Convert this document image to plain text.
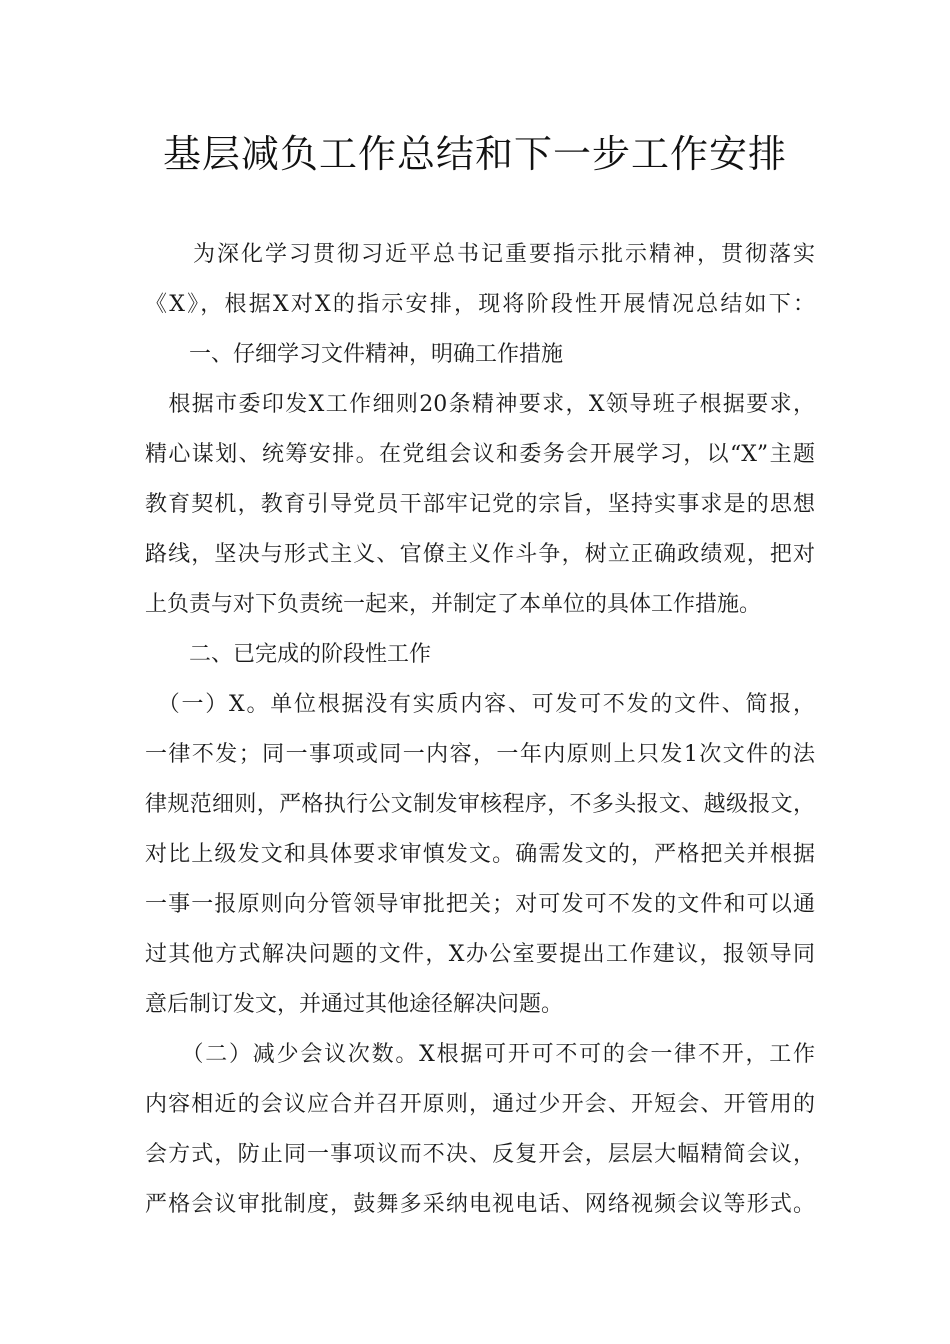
基层减负工作总结和下一步工作安排
　　为深化学习贯彻习近平总书记重要指示批示精神，贯彻落实
《X》，根据X对X的指示安排，现将阶段性开展情况总结如下：
　　一、仔细学习文件精神，明确工作措施
　根据市委印发X工作细则20条精神要求，X领导班子根据要求，
精心谋划、统筹安排。在党组会议和委务会开展学习，以“X”主题
教育契机，教育引导党员干部牢记党的宗旨，坚持实事求是的思想
路线，坚决与形式主义、官僚主义作斗争，树立正确政绩观，把对
上负责与对下负责统一起来，并制定了本单位的具体工作措施。
　　二、已完成的阶段性工作
　（一）X。单位根据没有实质内容、可发可不发的文件、简报，
一律不发；同一事项或同一内容，一年内原则上只发1次文件的法
律规范细则，严格执行公文制发审核程序，不多头报文、越级报文，
对比上级发文和具体要求审慎发文。确需发文的，严格把关并根据
一事一报原则向分管领导审批把关；对可发可不发的文件和可以通
过其他方式解决问题的文件，X办公室要提出工作建议，报领导同
意后制订发文，并通过其他途径解决问题。
　　（二）减少会议次数。X根据可开可不可的会一律不开，工作
内容相近的会议应合并召开原则，通过少开会、开短会、开管用的
会方式，防止同一事项议而不决、反复开会，层层大幅精简会议，
严格会议审批制度，鼓舞多采纳电视电话、网络视频会议等形式。
